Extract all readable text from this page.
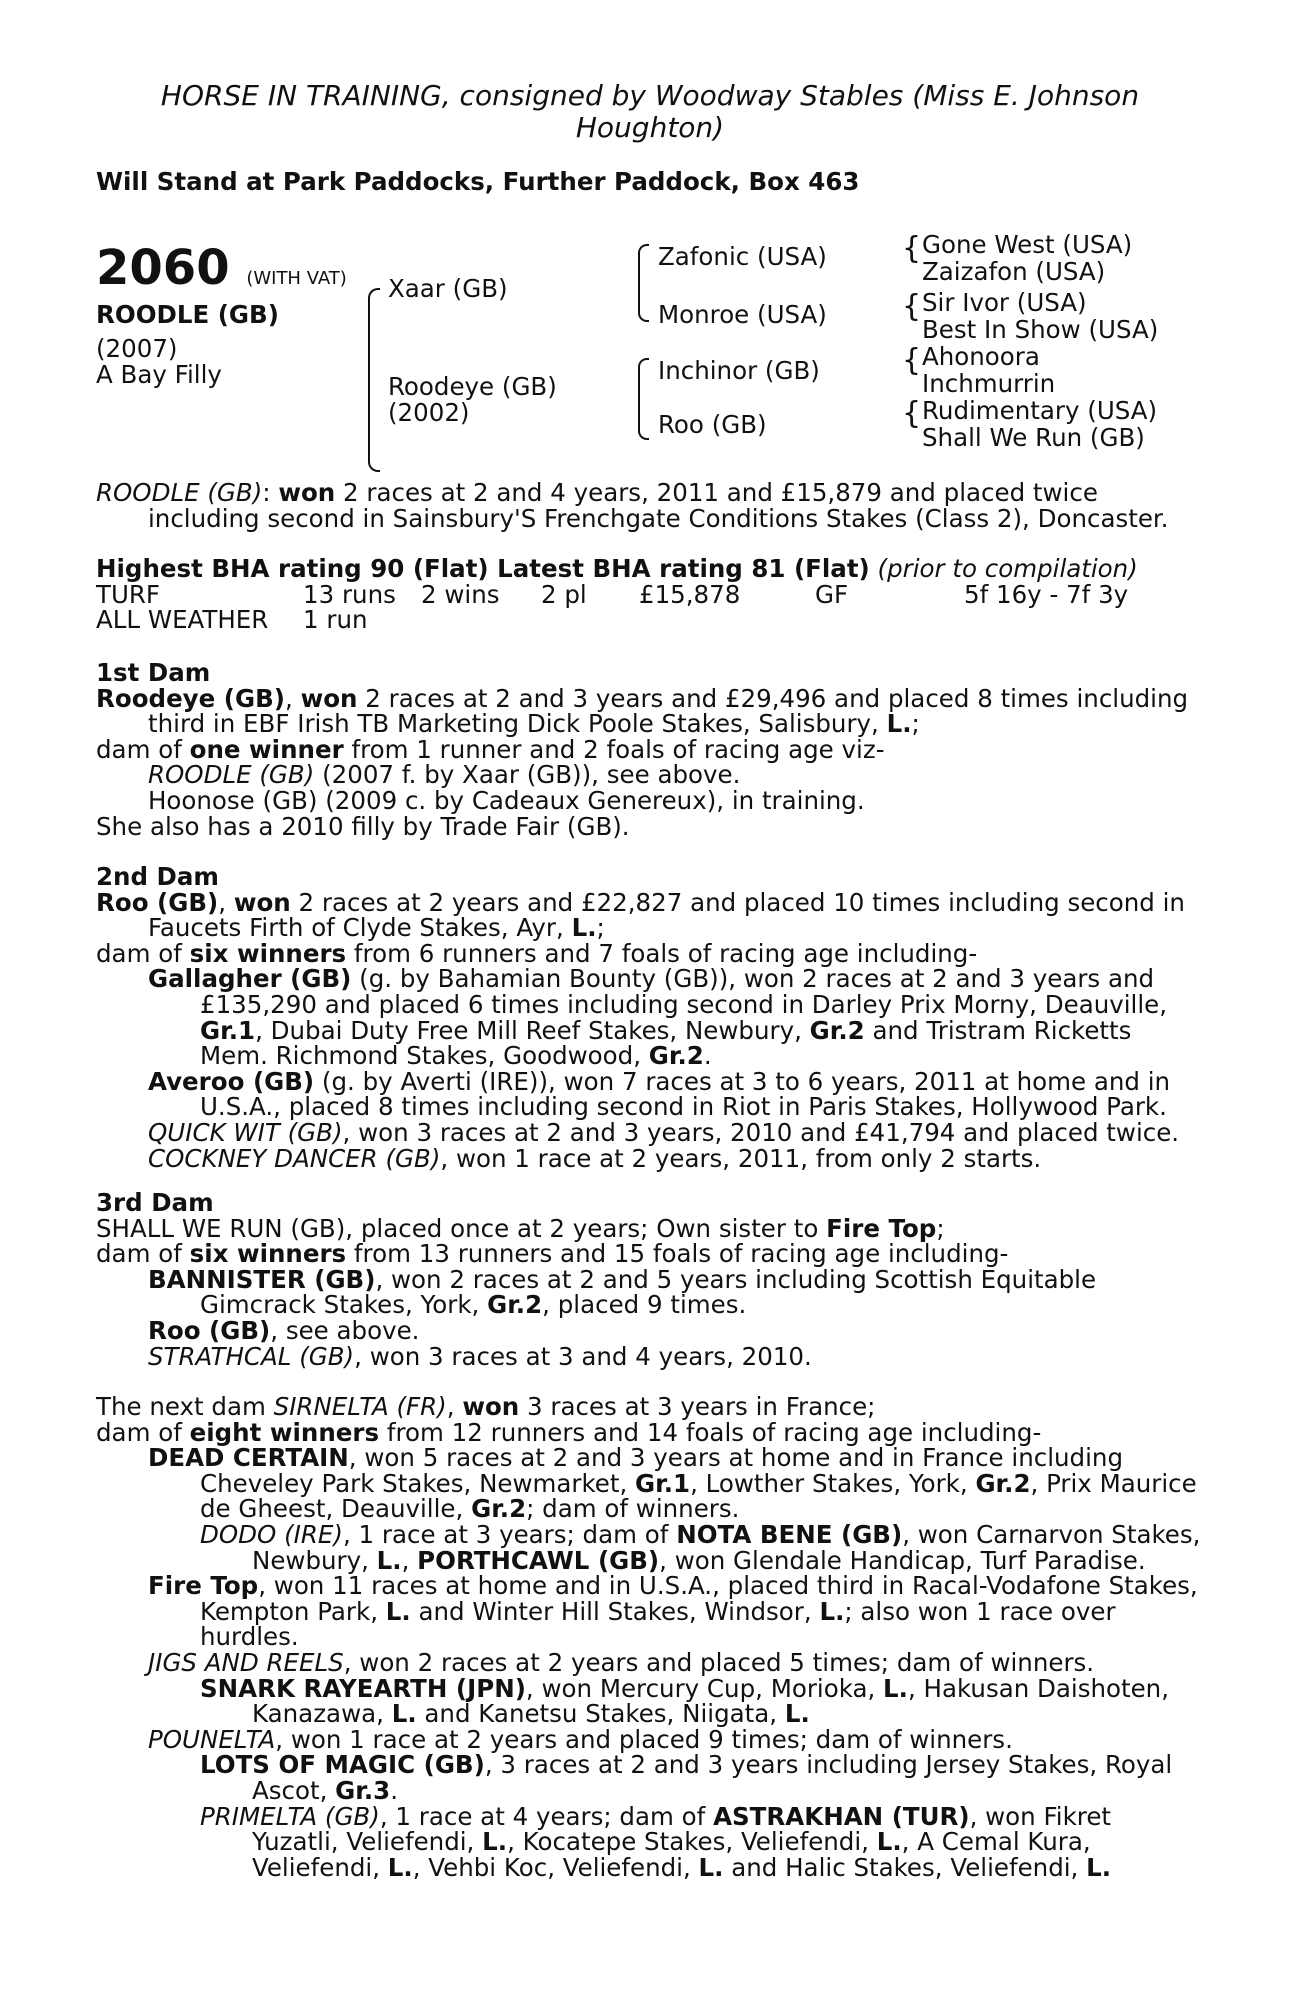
HORSE IN TRAINING, consigned by Woodway Stables (Miss E. Johnson Houghton)
Will Stand at Park Paddocks, Further Paddock, Box 463
2060 (WITH VAT)
ROODLE (GB)
(2007)
A Bay Filly
Xaar (GB)
Roodeye (GB)
(2002)
Zafonic (USA)
Monroe (USA)
Inchinor (GB)
Roo (GB)
{ Gone West (USA)
Zaizafon (USA)
{ Sir Ivor (USA)
Best In Show (USA)
{ Ahonoora
Inchmurrin
{ Rudimentary (USA)
Shall We Run (GB)
ROODLE (GB): won 2 races at 2 and 4 years, 2011 and £15,879 and placed twice including second in Sainsbury'S Frenchgate Conditions Stakes (Class 2), Doncaster.
Highest BHA rating 90 (Flat) Latest BHA rating 81 (Flat) (prior to compilation)
TURF	13 runs	2 wins	2 pl	£15,878	GF	5f 16y - 7f 3y
ALL WEATHER	1 run
1st Dam
Roodeye (GB), won 2 races at 2 and 3 years and £29,496 and placed 8 times including third in EBF Irish TB Marketing Dick Poole Stakes, Salisbury, L.;
dam of one winner from 1 runner and 2 foals of racing age viz-
ROODLE (GB) (2007 f. by Xaar (GB)), see above.
Hoonose (GB) (2009 c. by Cadeaux Genereux), in training.
She also has a 2010 filly by Trade Fair (GB).
2nd Dam
Roo (GB), won 2 races at 2 years and £22,827 and placed 10 times including second in Faucets Firth of Clyde Stakes, Ayr, L.;
dam of six winners from 6 runners and 7 foals of racing age including-
Gallagher (GB) (g. by Bahamian Bounty (GB)), won 2 races at 2 and 3 years and £135,290 and placed 6 times including second in Darley Prix Morny, Deauville, Gr.1, Dubai Duty Free Mill Reef Stakes, Newbury, Gr.2 and Tristram Ricketts Mem. Richmond Stakes, Goodwood, Gr.2.
Averoo (GB) (g. by Averti (IRE)), won 7 races at 3 to 6 years, 2011 at home and in U.S.A., placed 8 times including second in Riot in Paris Stakes, Hollywood Park.
QUICK WIT (GB), won 3 races at 2 and 3 years, 2010 and £41,794 and placed twice.
COCKNEY DANCER (GB), won 1 race at 2 years, 2011, from only 2 starts.
3rd Dam
SHALL WE RUN (GB), placed once at 2 years; Own sister to Fire Top;
dam of six winners from 13 runners and 15 foals of racing age including-
BANNISTER (GB), won 2 races at 2 and 5 years including Scottish Equitable Gimcrack Stakes, York, Gr.2, placed 9 times.
Roo (GB), see above.
STRATHCAL (GB), won 3 races at 3 and 4 years, 2010.
The next dam SIRNELTA (FR), won 3 races at 3 years in France;
dam of eight winners from 12 runners and 14 foals of racing age including-
DEAD CERTAIN, won 5 races at 2 and 3 years at home and in France including Cheveley Park Stakes, Newmarket, Gr.1, Lowther Stakes, York, Gr.2, Prix Maurice de Gheest, Deauville, Gr.2; dam of winners.
DODO (IRE), 1 race at 3 years; dam of NOTA BENE (GB), won Carnarvon Stakes, Newbury, L., PORTHCAWL (GB), won Glendale Handicap, Turf Paradise.
Fire Top, won 11 races at home and in U.S.A., placed third in Racal-Vodafone Stakes, Kempton Park, L. and Winter Hill Stakes, Windsor, L.; also won 1 race over hurdles.
JIGS AND REELS, won 2 races at 2 years and placed 5 times; dam of winners.
SNARK RAYEARTH (JPN), won Mercury Cup, Morioka, L., Hakusan Daishoten, Kanazawa, L. and Kanetsu Stakes, Niigata, L.
POUNELTA, won 1 race at 2 years and placed 9 times; dam of winners.
LOTS OF MAGIC (GB), 3 races at 2 and 3 years including Jersey Stakes, Royal Ascot, Gr.3.
PRIMELTA (GB), 1 race at 4 years; dam of ASTRAKHAN (TUR), won Fikret Yuzatli, Veliefendi, L., Kocatepe Stakes, Veliefendi, L., A Cemal Kura, Veliefendi, L., Vehbi Koc, Veliefendi, L. and Halic Stakes, Veliefendi, L.
